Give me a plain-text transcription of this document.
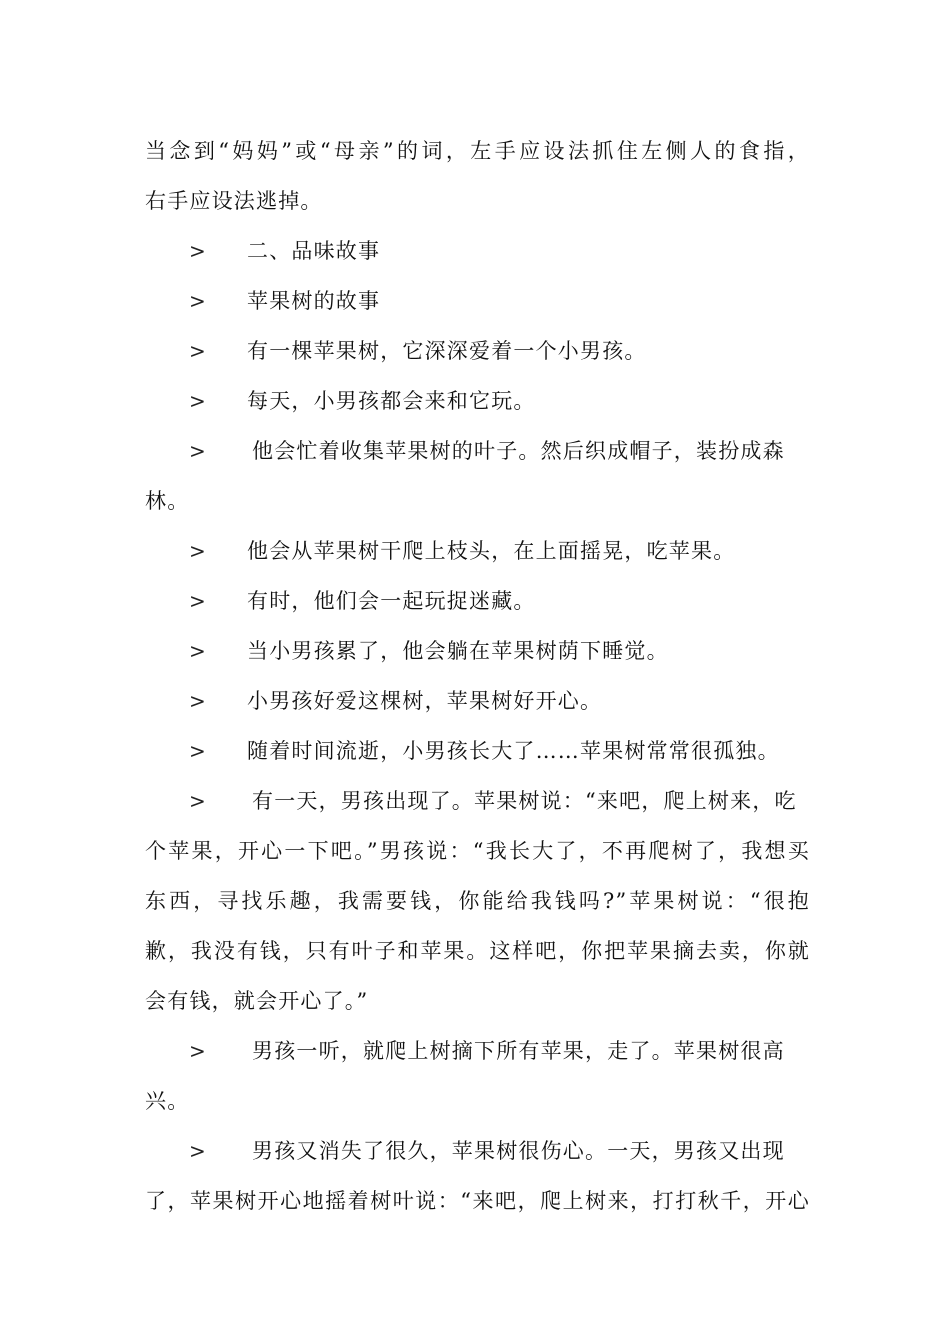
当念到“妈妈”或“母亲”的词，左手应设法抓住左侧人的食指，
右手应设法逃掉。
> 二、品味故事
> 苹果树的故事
> 有一棵苹果树，它深深爱着一个小男孩。
> 每天，小男孩都会来和它玩。
> 他会忙着收集苹果树的叶子。然后织成帽子，装扮成森
林。
> 他会从苹果树干爬上枝头，在上面摇晃，吃苹果。
> 有时，他们会一起玩捉迷藏。
> 当小男孩累了，他会躺在苹果树荫下睡觉。
> 小男孩好爱这棵树，苹果树好开心。
> 随着时间流逝，小男孩长大了……苹果树常常很孤独。
> 有一天，男孩出现了。苹果树说：“来吧，爬上树来，吃
个苹果，开心一下吧。”男孩说：“我长大了，不再爬树了，我想买
东西，寻找乐趣，我需要钱，你能给我钱吗?”苹果树说：“很抱
歉，我没有钱，只有叶子和苹果。这样吧，你把苹果摘去卖，你就
会有钱，就会开心了。”
> 男孩一听，就爬上树摘下所有苹果，走了。苹果树很高
兴。
> 男孩又消失了很久，苹果树很伤心。一天，男孩又出现
了，苹果树开心地摇着树叶说：“来吧，爬上树来，打打秋千，开心
